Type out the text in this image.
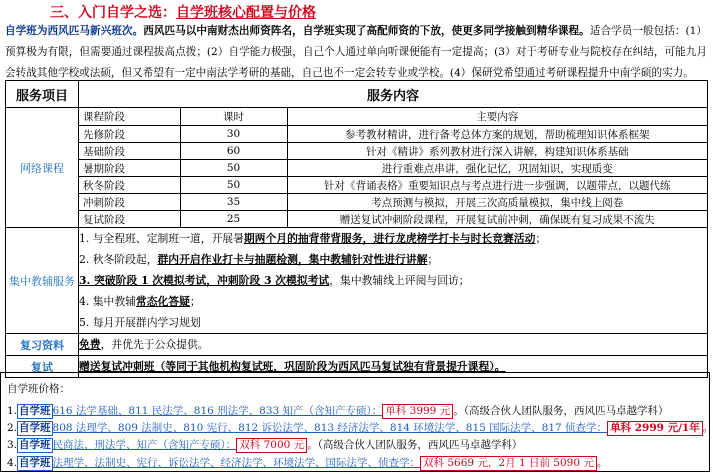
三、入门自学之选：自学班核心配置与价格
自学班为西风匹马新兴班次。西风匹马以中南财杰出师资阵名，自学班实现了高配师资的下放，使更多同学接触到精华课程。适合学员一般包括：(1）预算极为有限，但需要通过课程拔高点拨；(2）自学能力极强，自己个人通过单向听课便能有一定提高；(3）对于考研专业与院校存在纠结，可能九月会转战其他学校或法硕，但又希望有一定中南法学考研的基础，自己也不一定会转专业或学校。(4）保研党希望通过考研课程提升中南学硕的实力。
服务项目	服务内容
网络课程	
课程阶段	课时	主要内容
先修阶段	30	参考教材精讲，进行备考总体方案的规划，帮助梳理知识体系框架
基础阶段	60	针对《精讲》系列教材进行深入讲解，构建知识体系基础
暑期阶段	50	进行重难点串讲，强化记忆，巩固知识，实现质变
秋冬阶段	50	针对《背诵表格》重要知识点与考点进行进一步强调，以题带点，以题代练
冲刺阶段	35	考点预测与模拟，开展三次高质量模拟，集中线上阅卷
复试阶段	25	赠送复试冲刺阶段课程，开展复试前冲刺，确保既有复习成果不流失

集中教辅服务	
1. 与全程班、定制班一道，开展暑期两个月的抽背带背服务，进行龙虎榜学打卡与时长竞赛活动；
2. 秋冬阶段起，群内开启作业打卡与抽题检测，集中教辅针对性进行讲解；
3. 突破阶段 1 次模拟考试，冲刺阶段 3 次模拟考试，集中教辅线上评阅与回访；
4. 集中教辅常态化答疑；
5. 每月开展群内学习规划

复习资料	免费，并优先于公众提供。
复试	赠送复试冲刺班（等同于其他机构复试班，巩固阶段为西风匹马复试独有背景提升课程）。
自学班价格：
1. 自学班 616 法学基础、811 民法学、816 刑法学、833 知产（含知产专硕）： 单科 3999 元 。（高级合伙人团队服务，西风匹马卓越学科）
2. 自学班 808 法理学、809 法制史、810 宪行、812 诉讼法学、813 经济法学、814 环境法学、815 国际法学、817 侦查学： 单科 2999 元/1年 。
3. 自学班 民商法、刑法学、知产（含知产专硕）： 双科 7000 元 。（高级合伙人团队服务，西风匹马卓越学科）
4. 自学班 法理学、法制史、宪行、诉讼法学、经济法学、环境法学、国际法学、侦查学： 双科 5669 元，2月 1 日前 5090 元 。
